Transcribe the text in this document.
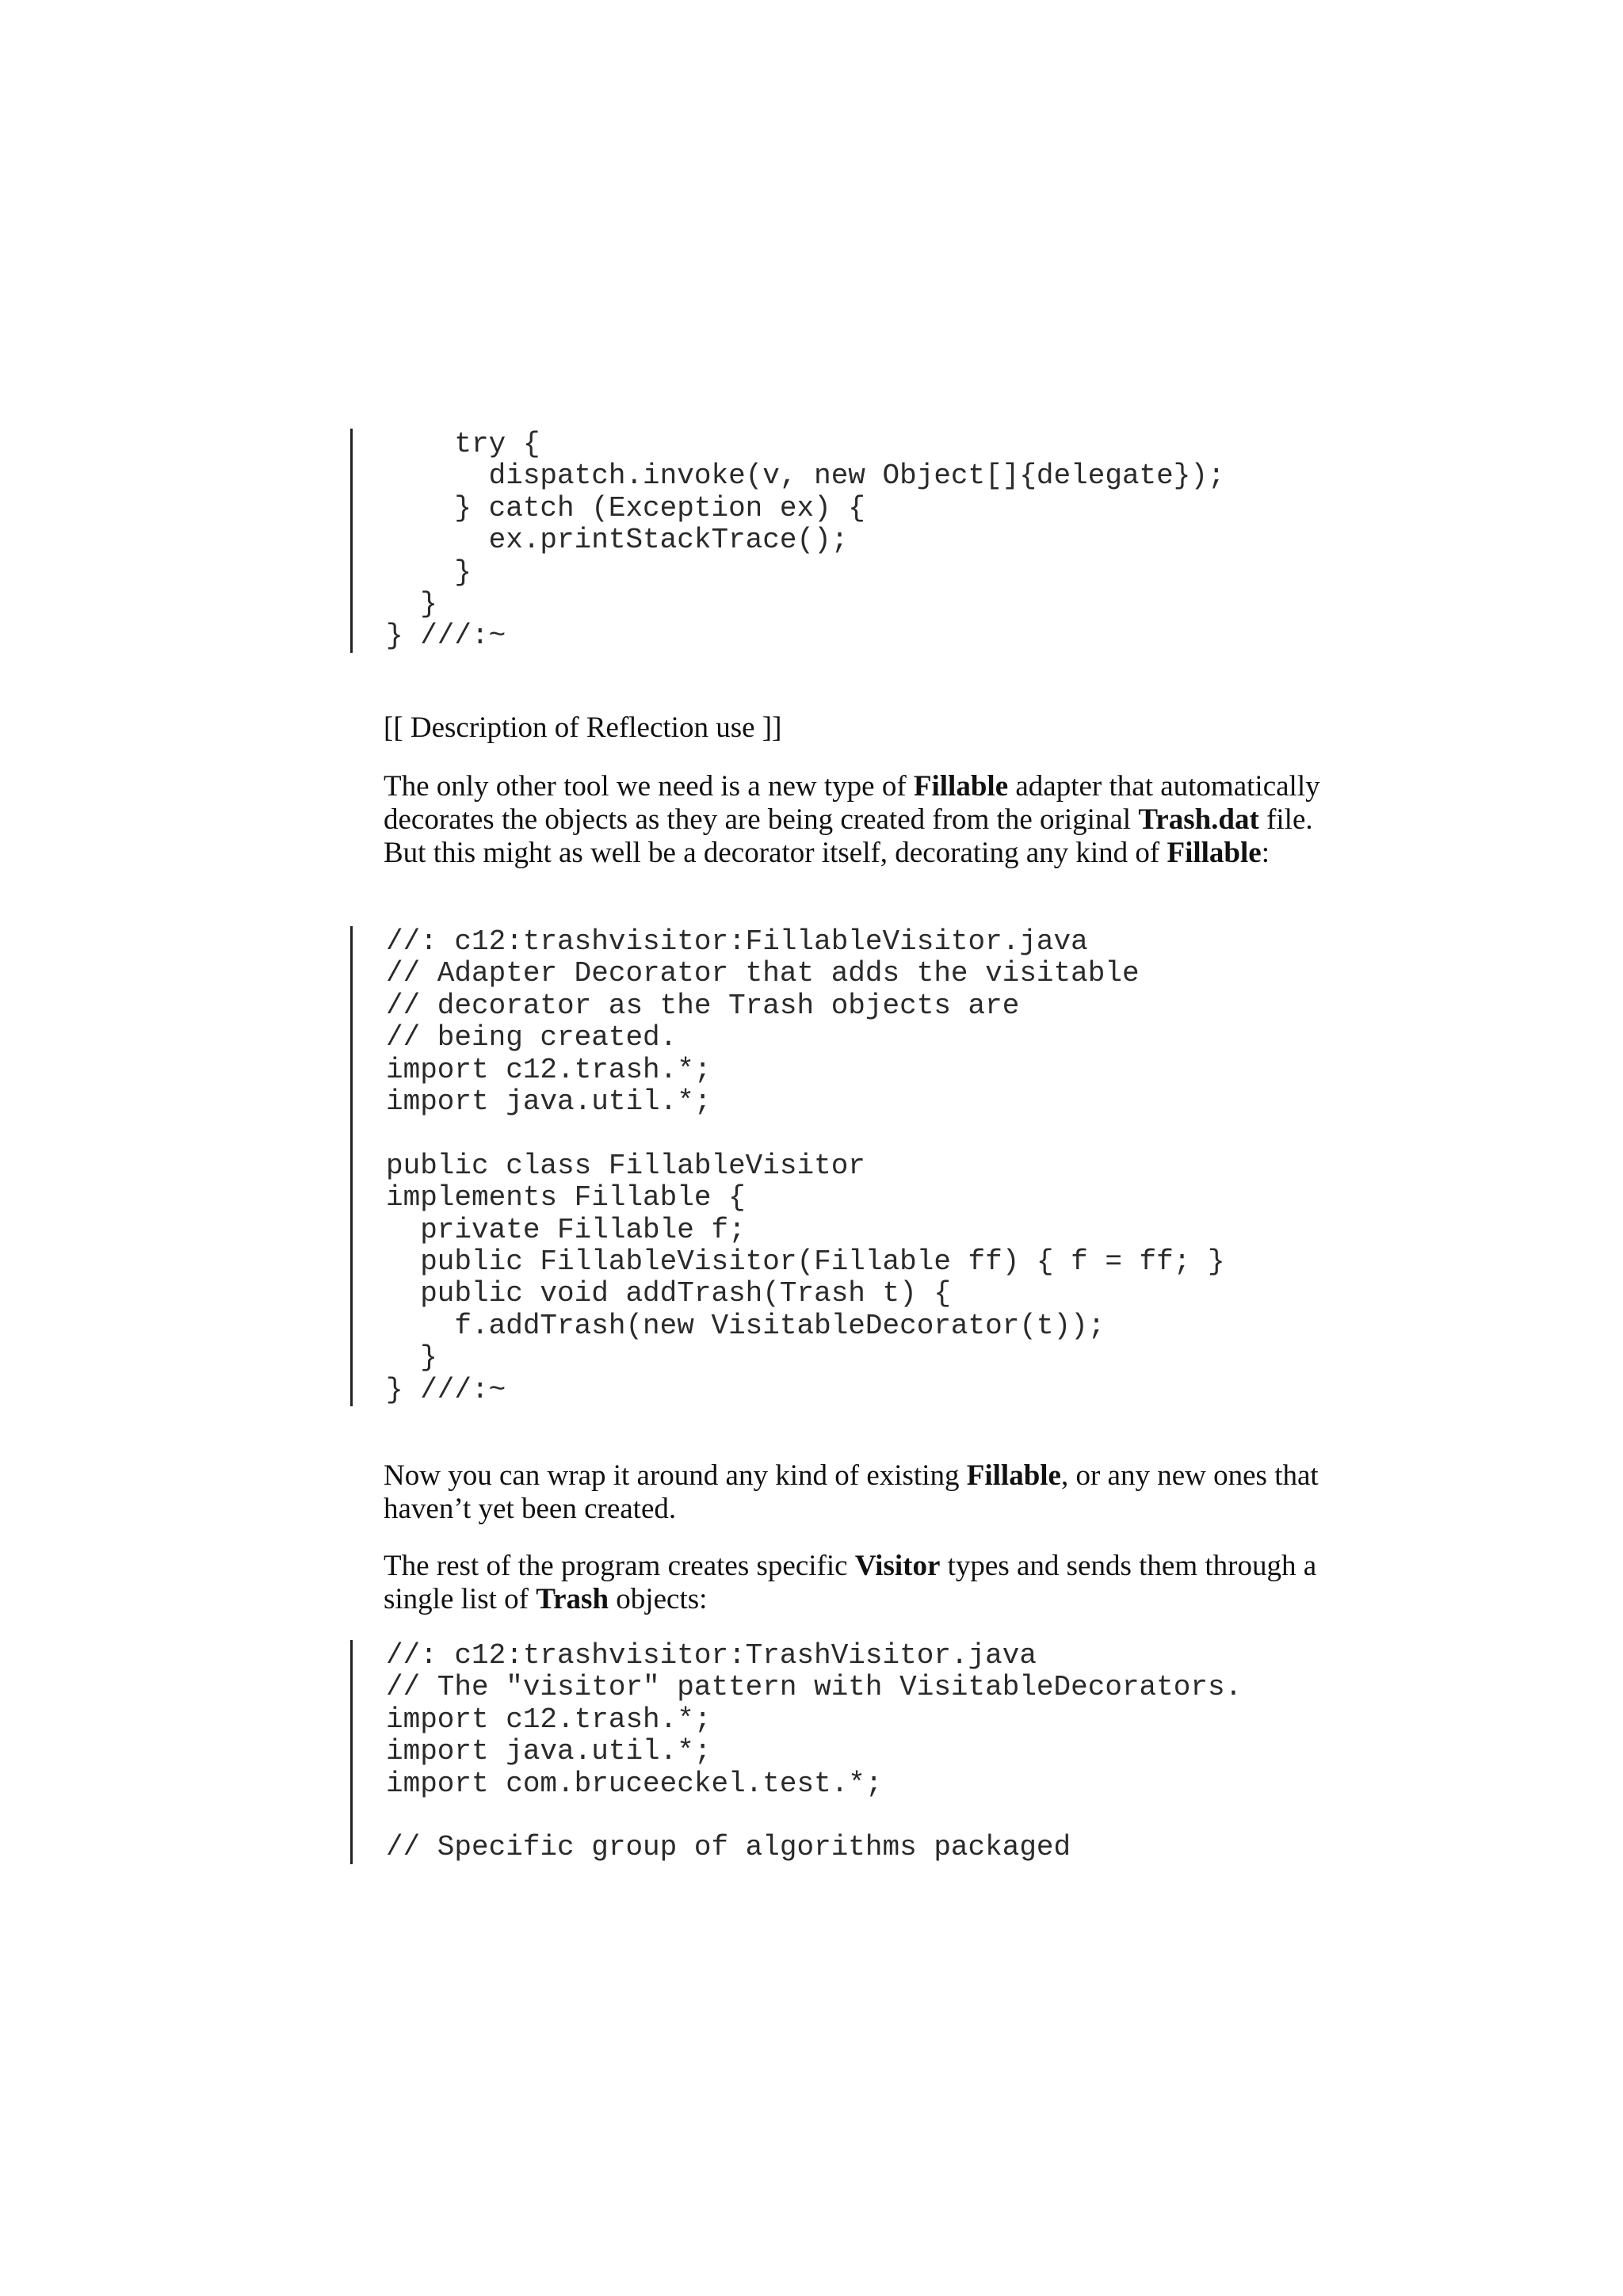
try {
dispatch.invoke(v, new Object[]{delegate});
} catch (Exception ex) {
ex.printStackTrace();
}
}
} ///:~

[[ Description of Reflection use ]]

The only other tool we need is a new type of Fillable adapter that automatically decorates the objects as they are being created from the original Trash.dat file. But this might as well be a decorator itself, decorating any kind of Fillable:

//: c12:trashvisitor:FillableVisitor.java
// Adapter Decorator that adds the visitable
// decorator as the Trash objects are
// being created.
import c12.trash.*;
import java.util.*;

public class FillableVisitor
implements Fillable {
private Fillable f;
public FillableVisitor(Fillable ff) { f = ff; }
public void addTrash(Trash t) {
f.addTrash(new VisitableDecorator(t));
}
} ///:~

Now you can wrap it around any kind of existing Fillable, or any new ones that haven’t yet been created.

The rest of the program creates specific Visitor types and sends them through a single list of Trash objects:

//: c12:trashvisitor:TrashVisitor.java
// The "visitor" pattern with VisitableDecorators.
import c12.trash.*;
import java.util.*;
import com.bruceeckel.test.*;

// Specific group of algorithms packaged
